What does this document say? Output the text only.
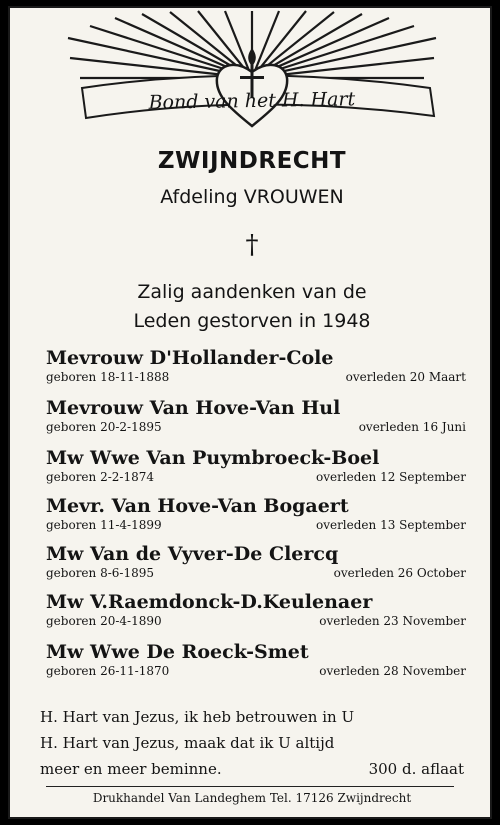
Bond van het H. Hart
ZWIJNDRECHT
Afdeling VROUWEN
†
Zalig aandenken van de
Leden gestorven in 1948
Mevrouw D'Hollander-Cole
geboren 18-11-1888	overleden 20 Maart
Mevrouw Van Hove-Van Hul
geboren 20-2-1895	overleden 16 Juni
Mw Wwe Van Puymbroeck-Boel
geboren 2-2-1874	overleden 12 September
Mevr. Van Hove-Van Bogaert
geboren 11-4-1899	overleden 13 September
Mw Van de Vyver-De Clercq
geboren 8-6-1895	overleden 26 October
Mw V.Raemdonck-D.Keulenaer
geboren 20-4-1890	overleden 23 November
Mw Wwe De Roeck-Smet
geboren 26-11-1870	overleden 28 November
H. Hart van Jezus, ik heb betrouwen in U
H. Hart van Jezus, maak dat ik U altijd
meer en meer beminne.	300 d. aflaat
Drukhandel Van Landeghem Tel. 17126 Zwijndrecht
